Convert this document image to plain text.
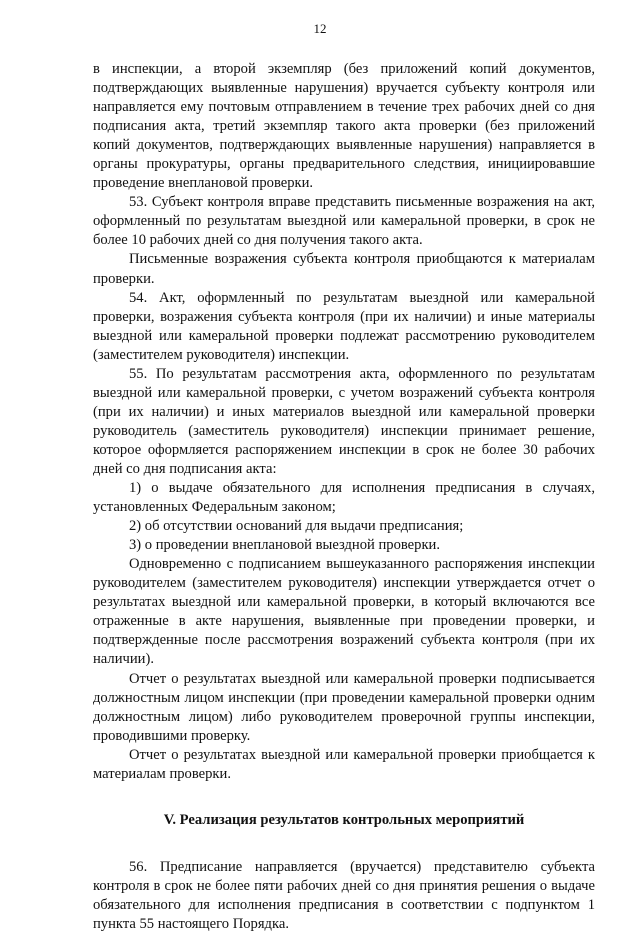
12

в инспекции, а второй экземпляр (без приложений копий документов, подтверждающих выявленные нарушения) вручается субъекту контроля или направляется ему почтовым отправлением в течение трех рабочих дней со дня подписания акта, третий экземпляр такого акта проверки (без приложений копий документов, подтверждающих выявленные нарушения) направляется в органы прокуратуры, органы предварительного следствия, инициировавшие проведение внеплановой проверки.

53. Субъект контроля вправе представить письменные возражения на акт, оформленный по результатам выездной или камеральной проверки, в срок не более 10 рабочих дней со дня получения такого акта.

Письменные возражения субъекта контроля приобщаются к материалам проверки.

54. Акт, оформленный по результатам выездной или камеральной проверки, возражения субъекта контроля (при их наличии) и иные материалы выездной или камеральной проверки подлежат рассмотрению руководителем (заместителем руководителя) инспекции.

55. По результатам рассмотрения акта, оформленного по результатам выездной или камеральной проверки, с учетом возражений субъекта контроля (при их наличии) и иных материалов выездной или камеральной проверки руководитель (заместитель руководителя) инспекции принимает решение, которое оформляется распоряжением инспекции в срок не более 30 рабочих дней со дня подписания акта:

1) о выдаче обязательного для исполнения предписания в случаях, установленных Федеральным законом;

2) об отсутствии оснований для выдачи предписания;

3) о проведении внеплановой выездной проверки.

Одновременно с подписанием вышеуказанного распоряжения инспекции руководителем (заместителем руководителя) инспекции утверждается отчет о результатах выездной или камеральной проверки, в который включаются все отраженные в акте нарушения, выявленные при проведении проверки, и подтвержденные после рассмотрения возражений субъекта контроля (при их наличии).

Отчет о результатах выездной или камеральной проверки подписывается должностным лицом инспекции (при проведении камеральной проверки одним должностным лицом) либо руководителем проверочной группы инспекции, проводившими проверку.

Отчет о результатах выездной или камеральной проверки приобщается к материалам проверки.

V. Реализация результатов контрольных мероприятий

56. Предписание направляется (вручается) представителю субъекта контроля в срок не более пяти рабочих дней со дня принятия решения о выдаче обязательного для исполнения предписания в соответствии с подпунктом 1 пункта 55 настоящего Порядка.
